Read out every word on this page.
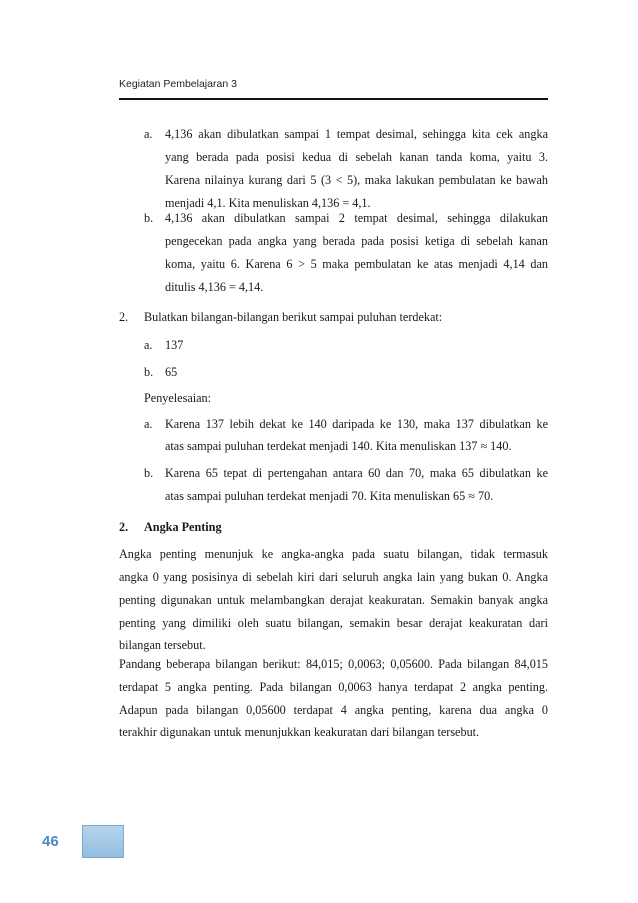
Kegiatan Pembelajaran 3
a. 4,136 akan dibulatkan sampai 1 tempat desimal, sehingga kita cek angka
yang berada pada posisi kedua di sebelah kanan tanda koma, yaitu 3.
Karena nilainya kurang dari 5 (3 < 5), maka lakukan pembulatan ke bawah
menjadi 4,1. Kita menuliskan 4,136 = 4,1.
b. 4,136 akan dibulatkan sampai 2 tempat desimal, sehingga dilakukan
pengecekan pada angka yang berada pada posisi ketiga di sebelah kanan
koma, yaitu 6. Karena 6 > 5 maka pembulatan ke atas menjadi 4,14 dan
ditulis 4,136 = 4,14.
2. Bulatkan bilangan-bilangan berikut sampai puluhan terdekat:
a. 137
b. 65
Penyelesaian:
a. Karena 137 lebih dekat ke 140 daripada ke 130, maka 137 dibulatkan ke
atas sampai puluhan terdekat menjadi 140. Kita menuliskan 137 ≈ 140.
b. Karena 65 tepat di pertengahan antara 60 dan 70, maka 65 dibulatkan ke
atas sampai puluhan terdekat menjadi 70. Kita menuliskan 65 ≈ 70.
2. Angka Penting
Angka penting menunjuk ke angka-angka pada suatu bilangan, tidak termasuk
angka 0 yang posisinya di sebelah kiri dari seluruh angka lain yang bukan 0. Angka
penting digunakan untuk melambangkan derajat keakuratan. Semakin banyak angka
penting yang dimiliki oleh suatu bilangan, semakin besar derajat keakuratan dari
bilangan tersebut.
Pandang beberapa bilangan berikut: 84,015; 0,0063; 0,05600. Pada bilangan 84,015
terdapat 5 angka penting. Pada bilangan 0,0063 hanya terdapat 2 angka penting.
Adapun pada bilangan 0,05600 terdapat 4 angka penting, karena dua angka 0
terakhir digunakan untuk menunjukkan keakuratan dari bilangan tersebut.
46
